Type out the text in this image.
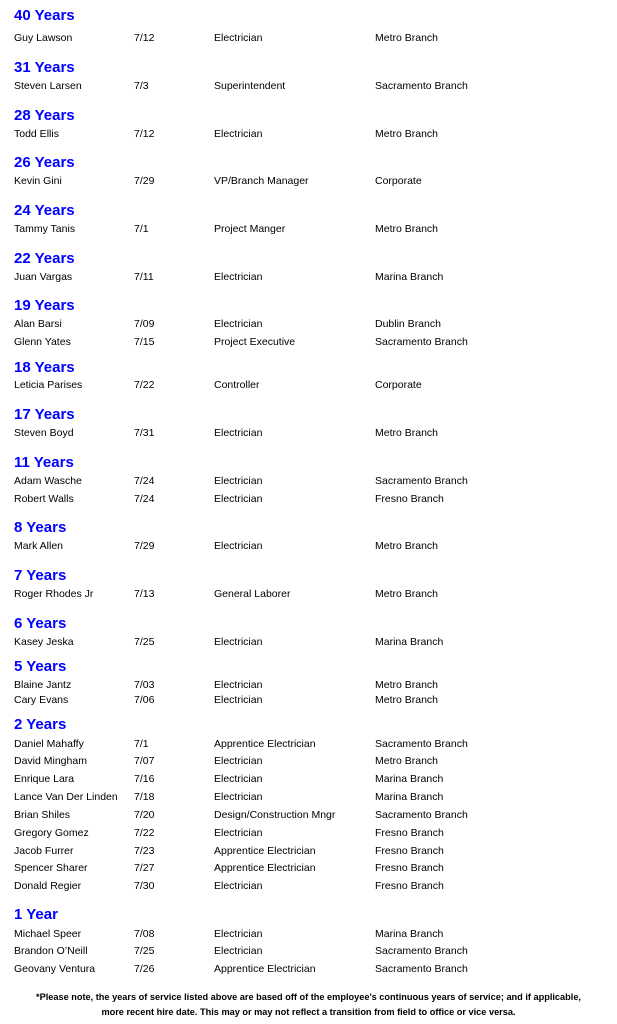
40 Years
Guy Lawson	7/12	Electrician	Metro Branch
31 Years
Steven Larsen	7/3	Superintendent	Sacramento Branch
28 Years
Todd Ellis	7/12	Electrician	Metro Branch
26 Years
Kevin Gini	7/29	VP/Branch Manager	Corporate
24 Years
Tammy Tanis	7/1	Project Manger	Metro Branch
22 Years
Juan Vargas	7/11	Electrician	Marina Branch
19 Years
Alan Barsi	7/09	Electrician	Dublin Branch
Glenn Yates	7/15	Project Executive	Sacramento Branch
18 Years
Leticia Parises	7/22	Controller	Corporate
17 Years
Steven Boyd	7/31	Electrician	Metro Branch
11 Years
Adam Wasche	7/24	Electrician	Sacramento Branch
Robert Walls	7/24	Electrician	Fresno Branch
8 Years
Mark Allen	7/29	Electrician	Metro Branch
7 Years
Roger Rhodes Jr	7/13	General Laborer	Metro Branch
6 Years
Kasey Jeska	7/25	Electrician	Marina Branch
5 Years
Blaine Jantz	7/03	Electrician	Metro Branch
Cary Evans	7/06	Electrician	Metro Branch
2 Years
Daniel Mahaffy	7/1	Apprentice Electrician	Sacramento Branch
David Mingham	7/07	Electrician	Metro Branch
Enrique Lara	7/16	Electrician	Marina Branch
Lance Van Der Linden 7/18	Electrician	Marina Branch
Brian Shiles	7/20	Design/Construction Mngr	Sacramento Branch
Gregory Gomez	7/22	Electrician	Fresno Branch
Jacob Furrer	7/23	Apprentice Electrician	Fresno Branch
Spencer Sharer	7/27	Apprentice Electrician	Fresno Branch
Donald Regier	7/30	Electrician	Fresno Branch
1 Year
Michael Speer	7/08	Electrician	Marina Branch
Brandon O’Neill	7/25	Electrician	Sacramento Branch
Geovany Ventura	7/26	Apprentice Electrician	Sacramento Branch
*Please note, the years of service listed above are based off of the employee’s continuous years of service; and if applicable,
more recent hire date. This may or may not reflect a transition from field to office or vice versa.
